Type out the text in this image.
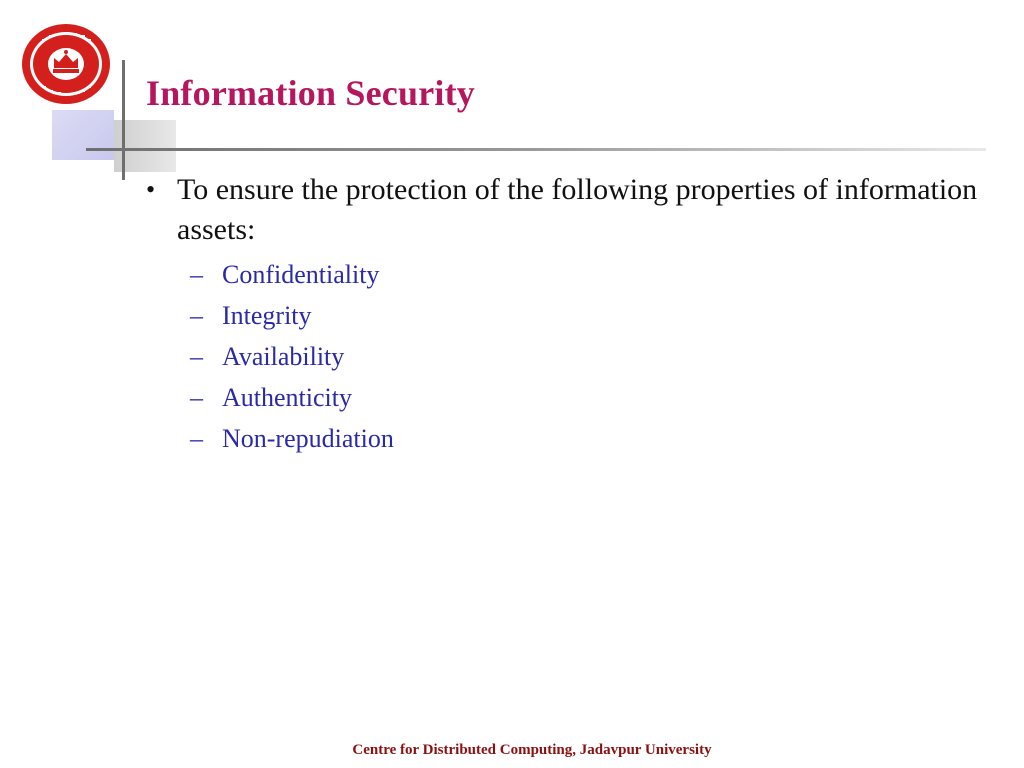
Information Security
• To ensure the protection of the following properties of information assets:
– Confidentiality
– Integrity
– Availability
– Authenticity
– Non-repudiation
Centre for Distributed Computing, Jadavpur University
